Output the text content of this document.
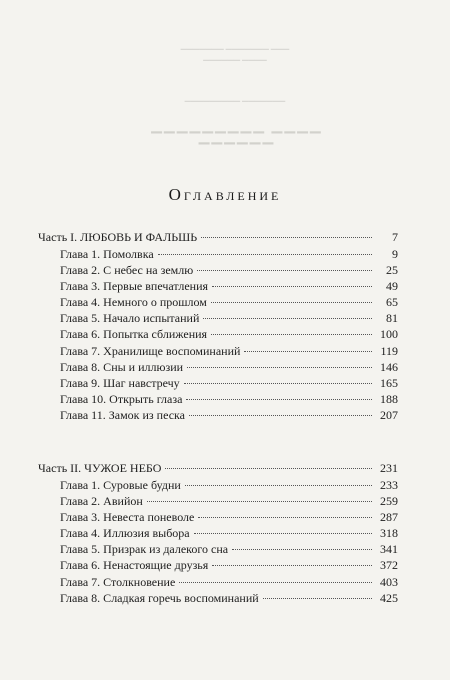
▁▁▁ ▁▁▁▁▁▁▁ ▁▁▁▁▁▁▁
▁▁▁▁ ▁▁▁▁▁▁
▁▁▁▁▁▁▁ ▁▁▁▁▁▁▁▁▁
▁▁▁▁ ▁▁▁▁▁▁▁▁▁ ▁▁▁▁▁▁
Оглавление
Часть I. ЛЮБОВЬ И ФАЛЬШЬ	7
Глава 1. Помолвка	9
Глава 2. С небес на землю	25
Глава 3. Первые впечатления	49
Глава 4. Немного о прошлом	65
Глава 5. Начало испытаний	81
Глава 6. Попытка сближения	100
Глава 7. Хранилище воспоминаний	119
Глава 8. Сны и иллюзии	146
Глава 9. Шаг навстречу	165
Глава 10. Открыть глаза	188
Глава 11. Замок из песка	207
Часть II. ЧУЖОЕ НЕБО	231
Глава 1. Суровые будни	233
Глава 2. Авийон	259
Глава 3. Невеста поневоле	287
Глава 4. Иллюзия выбора	318
Глава 5. Призрак из далекого сна	341
Глава 6. Ненастоящие друзья	372
Глава 7. Столкновение	403
Глава 8. Сладкая горечь воспоминаний	425
